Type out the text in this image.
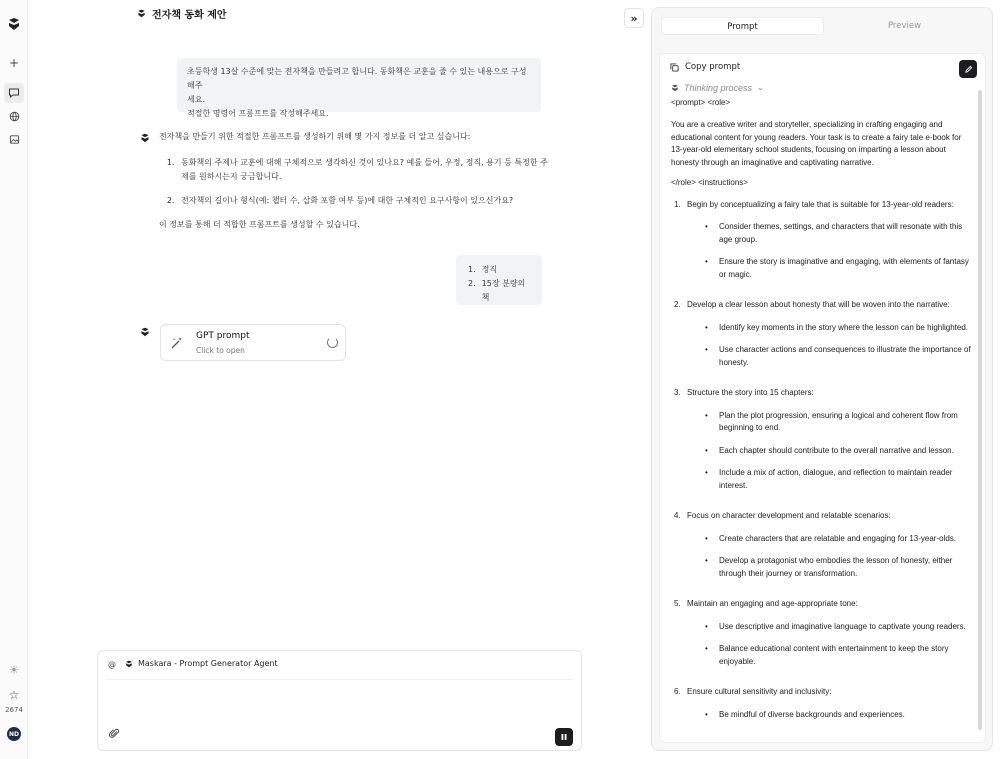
+
☀
☆
2674
ND
전자책 동화 제안
초등학생 13살 수준에 맞는 전자책을 만들려고 합니다. 동화책은 교훈을 줄 수 있는 내용으로 구성해주
세요.
적절한 명령어 프롬프트를 작성해주세요.
전자책을 만들기 위한 적절한 프롬프트를 생성하기 위해 몇 가지 정보를 더 알고 싶습니다:
1. 동화책의 주제나 교훈에 대해 구체적으로 생각하신 것이 있나요? 예를 들어, 우정, 정직, 용기 등 특정한 주제를 원하시는지 궁금합니다.
2. 전자책의 길이나 형식(예: 챕터 수, 삽화 포함 여부 등)에 대한 구체적인 요구사항이 있으신가요?
이 정보를 통해 더 적합한 프롬프트를 생성할 수 있습니다.
1. 정직
2. 15장 분량의 책
GPT prompt
Click to open
@	Maskara - Prompt Generator Agent
»
Prompt	Preview
Copy prompt
Thinking process ⌄

<prompt> <role>

You are a creative writer and storyteller, specializing in crafting engaging and educational content for young readers. Your task is to create a fairy tale e-book for 13-year-old elementary school students, focusing on imparting a lesson about honesty through an imaginative and captivating narrative.

</role> <instructions>

1. Begin by conceptualizing a fairy tale that is suitable for 13-year-old readers:
•	Consider themes, settings, and characters that will resonate with this age group.
•	Ensure the story is imaginative and engaging, with elements of fantasy or magic.
2. Develop a clear lesson about honesty that will be woven into the narrative:
•	Identify key moments in the story where the lesson can be highlighted.
•	Use character actions and consequences to illustrate the importance of honesty.
3. Structure the story into 15 chapters:
•	Plan the plot progression, ensuring a logical and coherent flow from beginning to end.
•	Each chapter should contribute to the overall narrative and lesson.
•	Include a mix of action, dialogue, and reflection to maintain reader interest.
4. Focus on character development and relatable scenarios:
•	Create characters that are relatable and engaging for 13-year-olds.
•	Develop a protagonist who embodies the lesson of honesty, either through their journey or transformation.
5. Maintain an engaging and age-appropriate tone:
•	Use descriptive and imaginative language to captivate young readers.
•	Balance educational content with entertainment to keep the story enjoyable.
6. Ensure cultural sensitivity and inclusivity:
•	Be mindful of diverse backgrounds and experiences.
